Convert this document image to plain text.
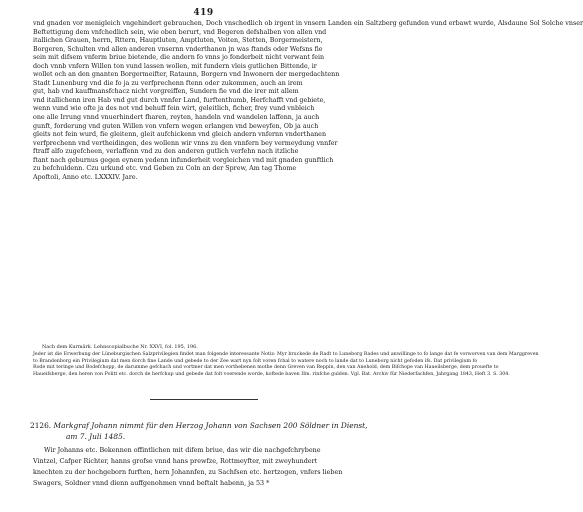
419
vnd gnaden vor menigleich vngehindert gebrauchen, Doch vnschedlich ob irgent in vnsern Landen ein Saltzberg gefunden vund erbawt wurde, Alsdaune Sol Solche vnser
Beftettigung dem vnfchedlich sein, wie oben berurt, vnd Begeren defshalben von allen vnd
itallichen Grauen, herrn, Rttern, Hauptluten, Amptluten, Voiten, Stetten, Borgermeistern,
Borgeren, Schulten vnd allen anderen vnsernn vnderthanen jn was ftands oder Wefsns fie
sein mit difsem vnferm briue bietende, die andern fo vnns jo fonderbeit nicht verwant fein
doch vnnb vnfern Willen ton vund lassen wollen, mit fundern vleis gutlichen Bittende, ir
wollet och an den gnanten Borgermeifter, Rataunn, Borgern vnd Inwonern der mergedachtenn
Stadt Lunenburg vnd die fo ja zu verfprechenn ftenn oder zukommen, auch an irem
gut, hab vnd kauffmansfchacz nicht vorgreiffen, Sundern fie vnd die irer mit allem
vnd itallichenn iren Hab vnd gut durch vnnfer Land, furftenthumb, Herfchafft vnd gebiete,
wenn vund wie ofte ja des not vnd behuff fein wirt, geleitlich, ficher, frey vund vnbleich
one alle Irrung vnnd vnuerhindert fharen, reyten, handeln vnd wandelen laffenn, ja auch
gunft, forderung vnd guten Willen von vnfern wegen erlangen vnd beweyfen, Ob ja auch
gleits not fein wurd, fie gleitenn, gleit aufchickenn vnd gleich andern vnfernn vnderthanen
verfprechenn vnd vertheidingen, des wollenn wir vnns zu den vnnfern bey vermeydung vnnfer
ftraff alfo zugefcheen, verlaffenn vnd zu den anderen gutlich verfehn nach itzliche
ftant nach geburnus gegen eynem yedenn infunderheit vorgleichen vnd mit gnaden gunftlich
zu befchuldenn. Czu urkund etc. vnd Geben zu Coln an der Sprew, Am tag Thome
Apoftoli, Anno etc. LXXXIV. Jare.
Nach dem Kurmärk. Lehnscopialbuche Nr. XXVI, fol. 195, 196.
Jeder ist die Erwerbung der Lüneburgischen Salzprivilegien findet man folgende interessante Notiz: Myr bruckede de Radt to Luneborg Rades und anwillinge to fo lange dat fe vorworven van dem Marggreven
to Brandenborg ein Privilegium dat men dorch fine Lande und gebede to der Zee wart nyn folt voren fchal to watere noch to lande dat to Luneborg nicht gefoden ifs. Dat privilegium fo
Rode mit teringe und Bodefchopp, de darumme gefchach und vortmer dat men vorthebenen mothe denn Greven van Reppin, den van Anehold, dem Bifchope van Haueilsberge, dem prouefte to
Haueifsberge, den heren von Politt etc. dorch de herfchup und gebede dat folt voerende worde, koftede baven IIm. rinfche gulden. Vgl. Bat. Archiv für Niederfachfen, Jahrgang 1843, Heft 3. S. 304.
2126. Markgraf Johann nimmt für den Herzog Johann von Sachsen 200 Söldner in Dienst,
am 7. Juli 1485.
Wir Johanns etc. Bekennen offintlichen mit difem briue, das wir die nachgefchrybene
Vintzel, Cafper Richter, hanns grofse vnnd hans prewfze, Rottmeyfter, mit zweyhundert
knechten zu der hochgeborn furften, hern Johannfen, zu Sachfsen etc. hertzogen, vnfers lieben
Swagers, Soldner vnnd dienn auffgenohmen vnnd beftalt habenn, ja 53 *
